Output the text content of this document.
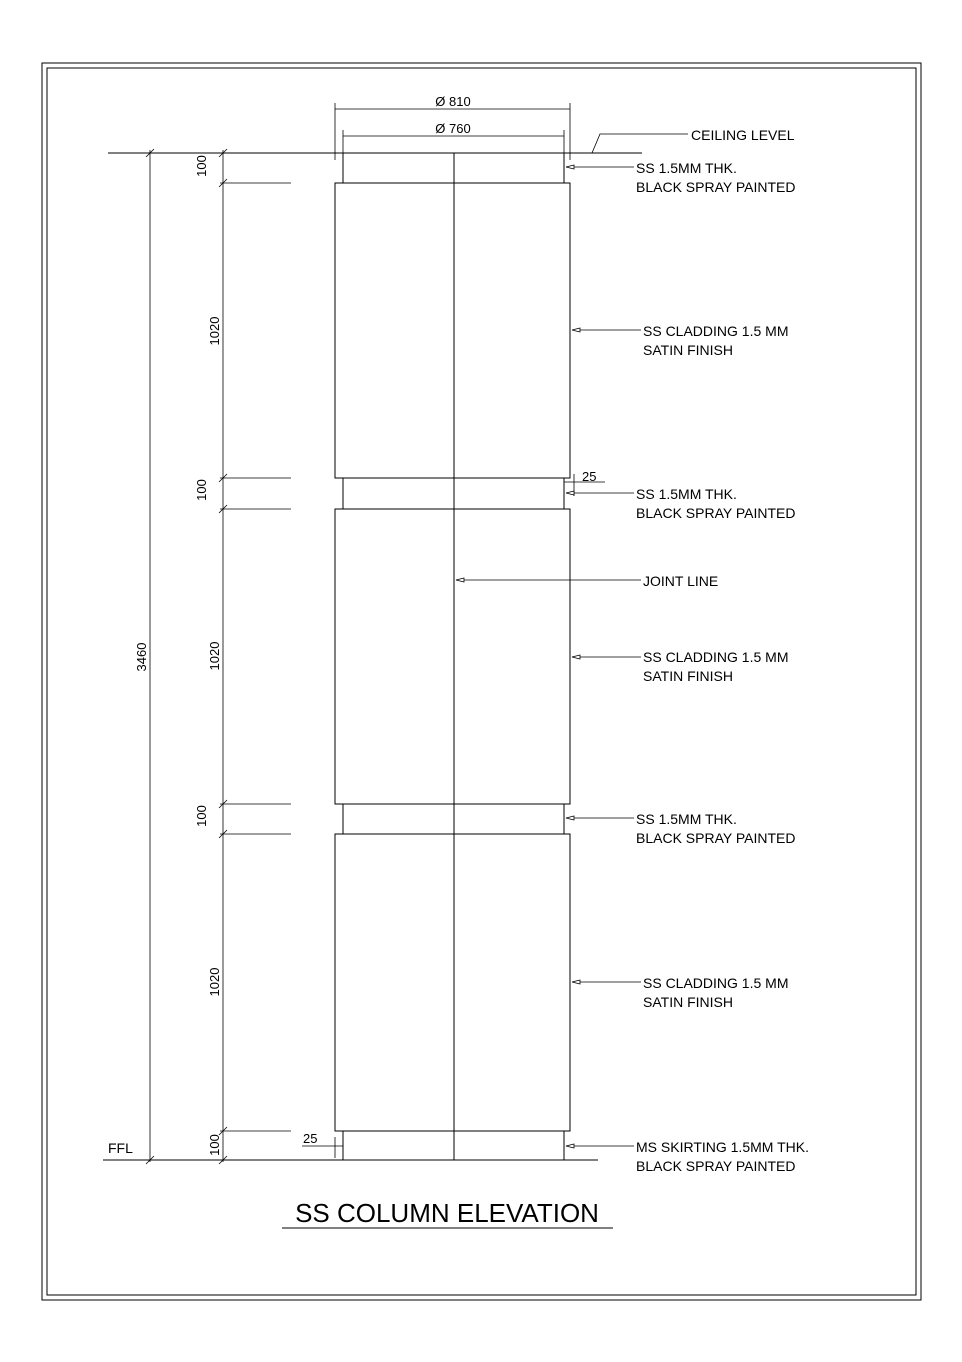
CEILING LEVEL
FFL
Ø 810
Ø 760
3460
100
1020
100
1020
100
1020
100
25
25
SS 1.5MM THK.
BLACK SPRAY PAINTED
SS CLADDING 1.5 MM
SATIN FINISH
SS 1.5MM THK.
BLACK SPRAY PAINTED
JOINT LINE
SS CLADDING 1.5 MM
SATIN FINISH
SS 1.5MM THK.
BLACK SPRAY PAINTED
SS CLADDING 1.5 MM
SATIN FINISH
MS SKIRTING 1.5MM THK.
BLACK SPRAY PAINTED
SS COLUMN ELEVATION
